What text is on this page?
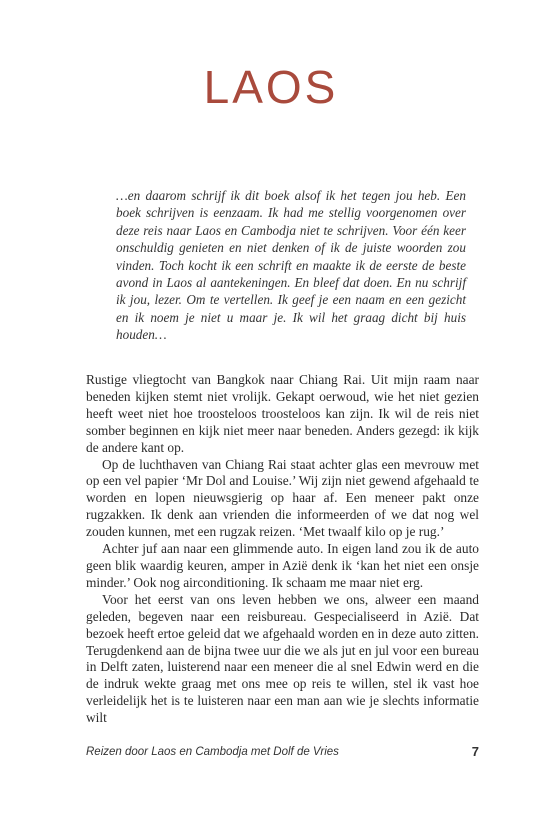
LAOS
…en daarom schrijf ik dit boek alsof ik het tegen jou heb. Een boek schrijven is eenzaam. Ik had me stellig voorgenomen over deze reis naar Laos en Cambodja niet te schrijven. Voor één keer onschuldig genieten en niet denken of ik de juiste woorden zou vinden. Toch kocht ik een schrift en maakte ik de eerste de beste avond in Laos al aantekeningen. En bleef dat doen. En nu schrijf ik jou, lezer. Om te vertellen. Ik geef je een naam en een gezicht en ik noem je niet u maar je. Ik wil het graag dicht bij huis houden…

Rustige vliegtocht van Bangkok naar Chiang Rai. Uit mijn raam naar beneden kijken stemt niet vrolijk. Gekapt oerwoud, wie het niet gezien heeft weet niet hoe troosteloos troosteloos kan zijn. Ik wil de reis niet somber beginnen en kijk niet meer naar beneden. Anders gezegd: ik kijk de andere kant op.

Op de luchthaven van Chiang Rai staat achter glas een mevrouw met op een vel papier ‘Mr Dol and Louise.’ Wij zijn niet gewend afgehaald te worden en lopen nieuwsgierig op haar af. Een meneer pakt onze rugzakken. Ik denk aan vrienden die informeerden of we dat nog wel zouden kunnen, met een rugzak reizen. ‘Met twaalf kilo op je rug.’

Achter juf aan naar een glimmende auto. In eigen land zou ik de auto geen blik waardig keuren, amper in Azië denk ik ‘kan het niet een onsje minder.’ Ook nog airconditioning. Ik schaam me maar niet erg.

Voor het eerst van ons leven hebben we ons, alweer een maand geleden, begeven naar een reisbureau. Gespecialiseerd in Azië. Dat bezoek heeft ertoe geleid dat we afgehaald worden en in deze auto zitten. Terugdenkend aan de bijna twee uur die we als jut en jul voor een bureau in Delft zaten, luisterend naar een meneer die al snel Edwin werd en die de indruk wekte graag met ons mee op reis te willen, stel ik vast hoe verleidelijk het is te luisteren naar een man aan wie je slechts informatie wilt

Reizen door Laos en Cambodja met Dolf de Vries	7
